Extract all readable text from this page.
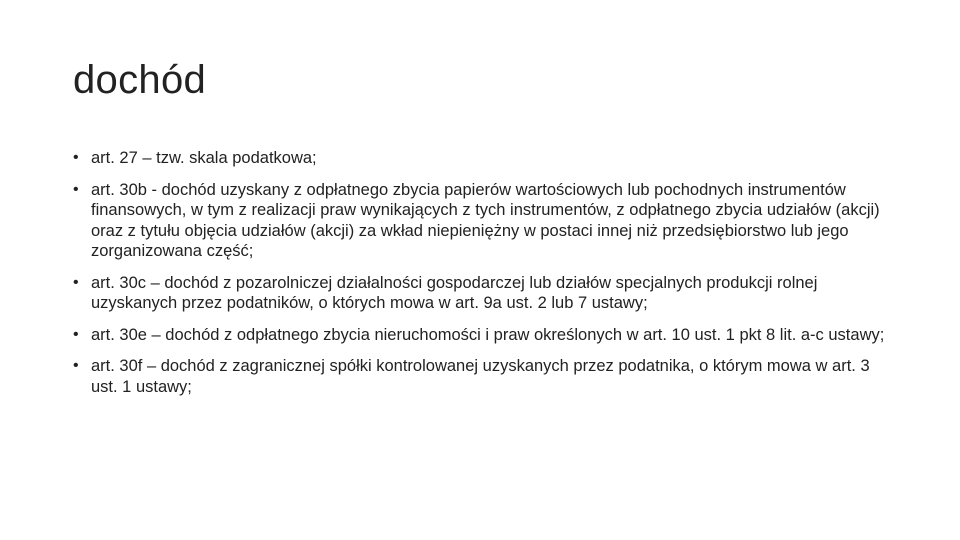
dochód
• art. 27 – tzw. skala podatkowa;
• art. 30b - dochód uzyskany z odpłatnego zbycia papierów wartościowych lub pochodnych instrumentów finansowych, w tym z realizacji praw wynikających z tych instrumentów, z odpłatnego zbycia udziałów (akcji) oraz z tytułu objęcia udziałów (akcji) za wkład niepieniężny w postaci innej niż przedsiębiorstwo lub jego zorganizowana część;
• art. 30c – dochód z pozarolniczej działalności gospodarczej lub działów specjalnych produkcji rolnej uzyskanych przez podatników, o których mowa w art. 9a ust. 2 lub 7 ustawy;
• art. 30e – dochód z odpłatnego zbycia nieruchomości i praw określonych w art. 10 ust. 1 pkt 8 lit. a-c ustawy;
• art. 30f – dochód z zagranicznej spółki kontrolowanej uzyskanych przez podatnika, o którym mowa w art. 3 ust. 1 ustawy;
